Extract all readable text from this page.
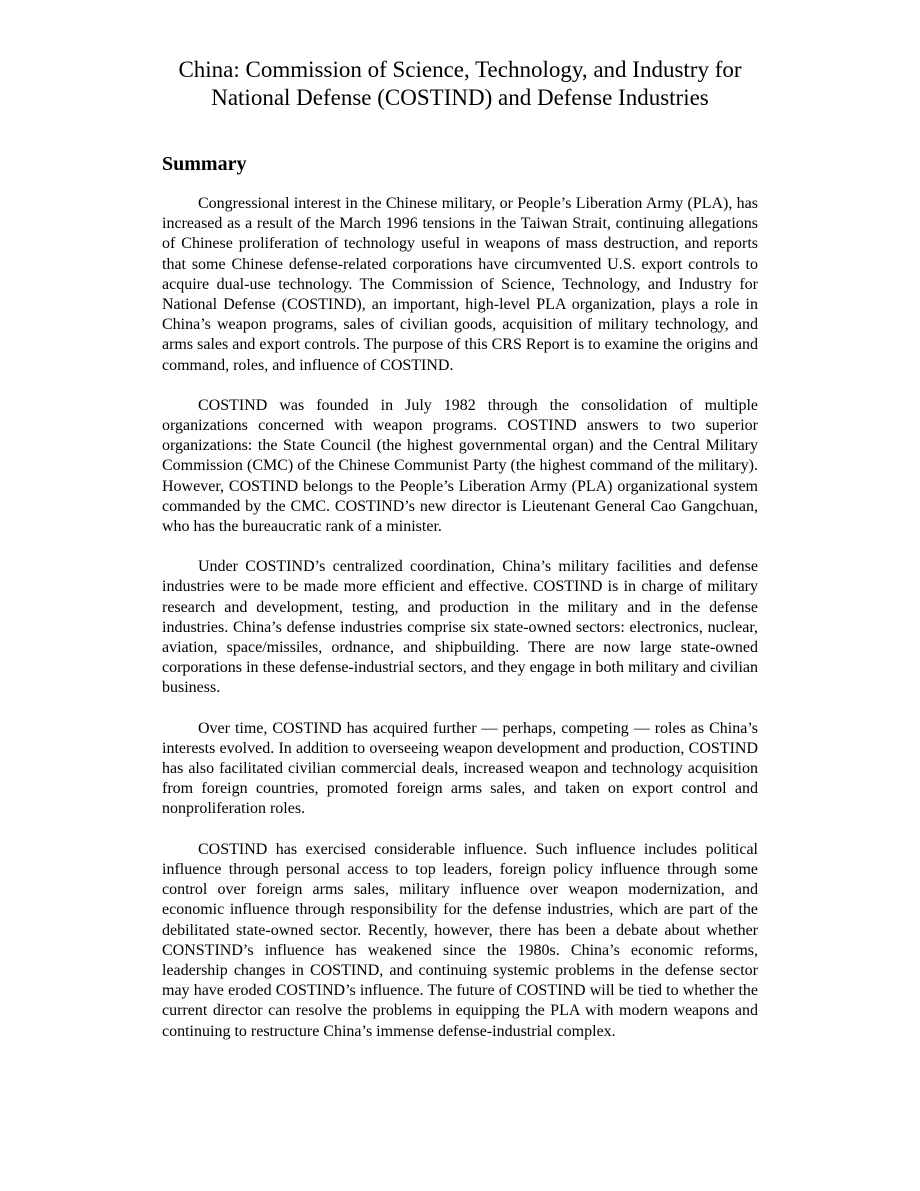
China: Commission of Science, Technology, and Industry for
National Defense (COSTIND) and Defense Industries
Summary

Congressional interest in the Chinese military, or People’s Liberation Army (PLA), has increased as a result of the March 1996 tensions in the Taiwan Strait, continuing allegations of Chinese proliferation of technology useful in weapons of mass destruction, and reports that some Chinese defense-related corporations have circumvented U.S. export controls to acquire dual-use technology. The Commission of Science, Technology, and Industry for National Defense (COSTIND), an important, high-level PLA organization, plays a role in China’s weapon programs, sales of civilian goods, acquisition of military technology, and arms sales and export controls. The purpose of this CRS Report is to examine the origins and command, roles, and influence of COSTIND.

COSTIND was founded in July 1982 through the consolidation of multiple organizations concerned with weapon programs. COSTIND answers to two superior organizations: the State Council (the highest governmental organ) and the Central Military Commission (CMC) of the Chinese Communist Party (the highest command of the military). However, COSTIND belongs to the People’s Liberation Army (PLA) organizational system commanded by the CMC. COSTIND’s new director is Lieutenant General Cao Gangchuan, who has the bureaucratic rank of a minister.

Under COSTIND’s centralized coordination, China’s military facilities and defense industries were to be made more efficient and effective. COSTIND is in charge of military research and development, testing, and production in the military and in the defense industries. China’s defense industries comprise six state-owned sectors: electronics, nuclear, aviation, space/missiles, ordnance, and shipbuilding. There are now large state-owned corporations in these defense-industrial sectors, and they engage in both military and civilian business.

Over time, COSTIND has acquired further — perhaps, competing — roles as China’s interests evolved. In addition to overseeing weapon development and production, COSTIND has also facilitated civilian commercial deals, increased weapon and technology acquisition from foreign countries, promoted foreign arms sales, and taken on export control and nonproliferation roles.

COSTIND has exercised considerable influence. Such influence includes political influence through personal access to top leaders, foreign policy influence through some control over foreign arms sales, military influence over weapon modernization, and economic influence through responsibility for the defense industries, which are part of the debilitated state-owned sector. Recently, however, there has been a debate about whether CONSTIND’s influence has weakened since the 1980s. China’s economic reforms, leadership changes in COSTIND, and continuing systemic problems in the defense sector may have eroded COSTIND’s influence. The future of COSTIND will be tied to whether the current director can resolve the problems in equipping the PLA with modern weapons and continuing to restructure China’s immense defense-industrial complex.
